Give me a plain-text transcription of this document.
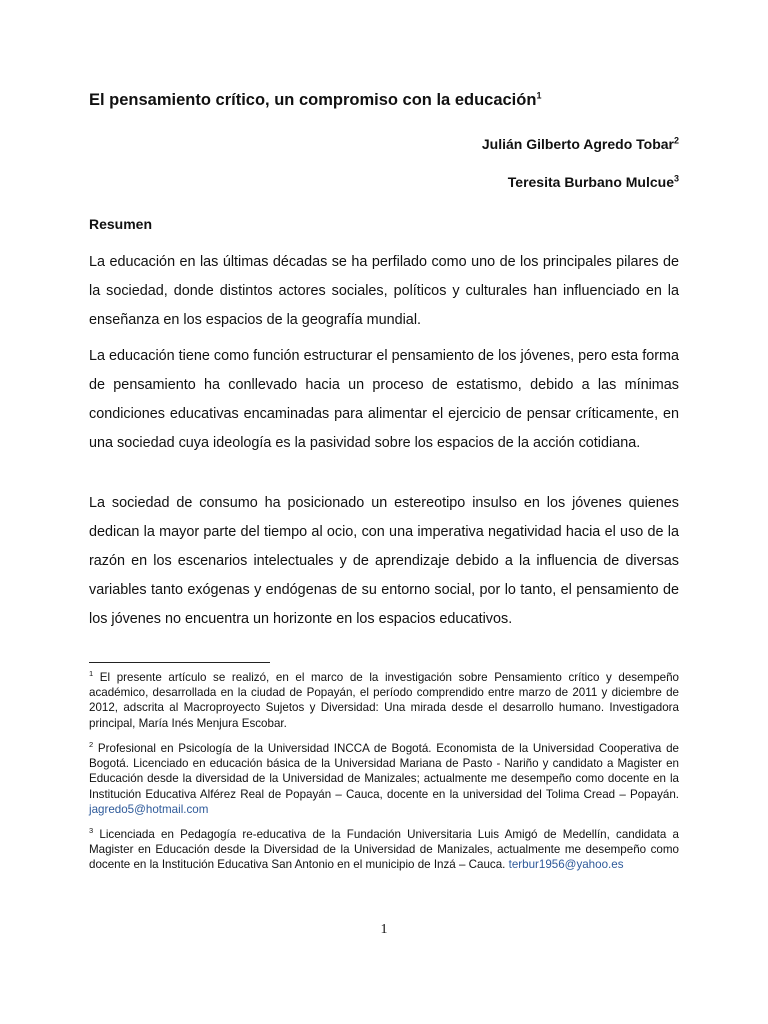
El pensamiento crítico, un compromiso con la educación$^1$
Julián Gilberto Agredo Tobar$^2$
Teresita Burbano Mulcue$^3$
Resumen

La educación en las últimas décadas se ha perfilado como uno de los principales pilares de la sociedad, donde distintos actores sociales, políticos y culturales han influenciado en la enseñanza en los espacios de la geografía mundial.

La educación tiene como función estructurar el pensamiento de los jóvenes, pero esta forma de pensamiento ha conllevado hacia un proceso de estatismo, debido a las mínimas condiciones educativas encaminadas para alimentar el ejercicio de pensar críticamente, en una sociedad cuya ideología es la pasividad sobre los espacios de la acción cotidiana.

La sociedad de consumo ha posicionado un estereotipo insulso en los jóvenes quienes dedican la mayor parte del tiempo al ocio, con una imperativa negatividad hacia el uso de la razón en los escenarios intelectuales y de aprendizaje debido a la influencia de diversas variables tanto exógenas y endógenas de su entorno social, por lo tanto, el pensamiento de los jóvenes no encuentra un horizonte en los espacios educativos.

$^1$ El presente artículo se realizó, en el marco de la investigación sobre Pensamiento crítico y desempeño académico, desarrollada en la ciudad de Popayán, el período comprendido entre marzo de 2011 y diciembre de 2012, adscrita al Macroproyecto Sujetos y Diversidad: Una mirada desde el desarrollo humano. Investigadora principal, María Inés Menjura Escobar.

$^2$ Profesional en Psicología de la Universidad INCCA de Bogotá. Economista de la Universidad Cooperativa de Bogotá. Licenciado en educación básica de la Universidad Mariana de Pasto - Nariño y candidato a Magister en Educación desde la diversidad de la Universidad de Manizales; actualmente me desempeño como docente en la Institución Educativa Alférez Real de Popayán – Cauca, docente en la universidad del Tolima Cread – Popayán. jagredo5@hotmail.com

$^3$ Licenciada en Pedagogía re-educativa de la Fundación Universitaria Luis Amigó de Medellín, candidata a Magister en Educación desde la Diversidad de la Universidad de Manizales, actualmente me desempeño como docente en la Institución Educativa San Antonio en el municipio de Inzá – Cauca. terbur1956@yahoo.es

1
